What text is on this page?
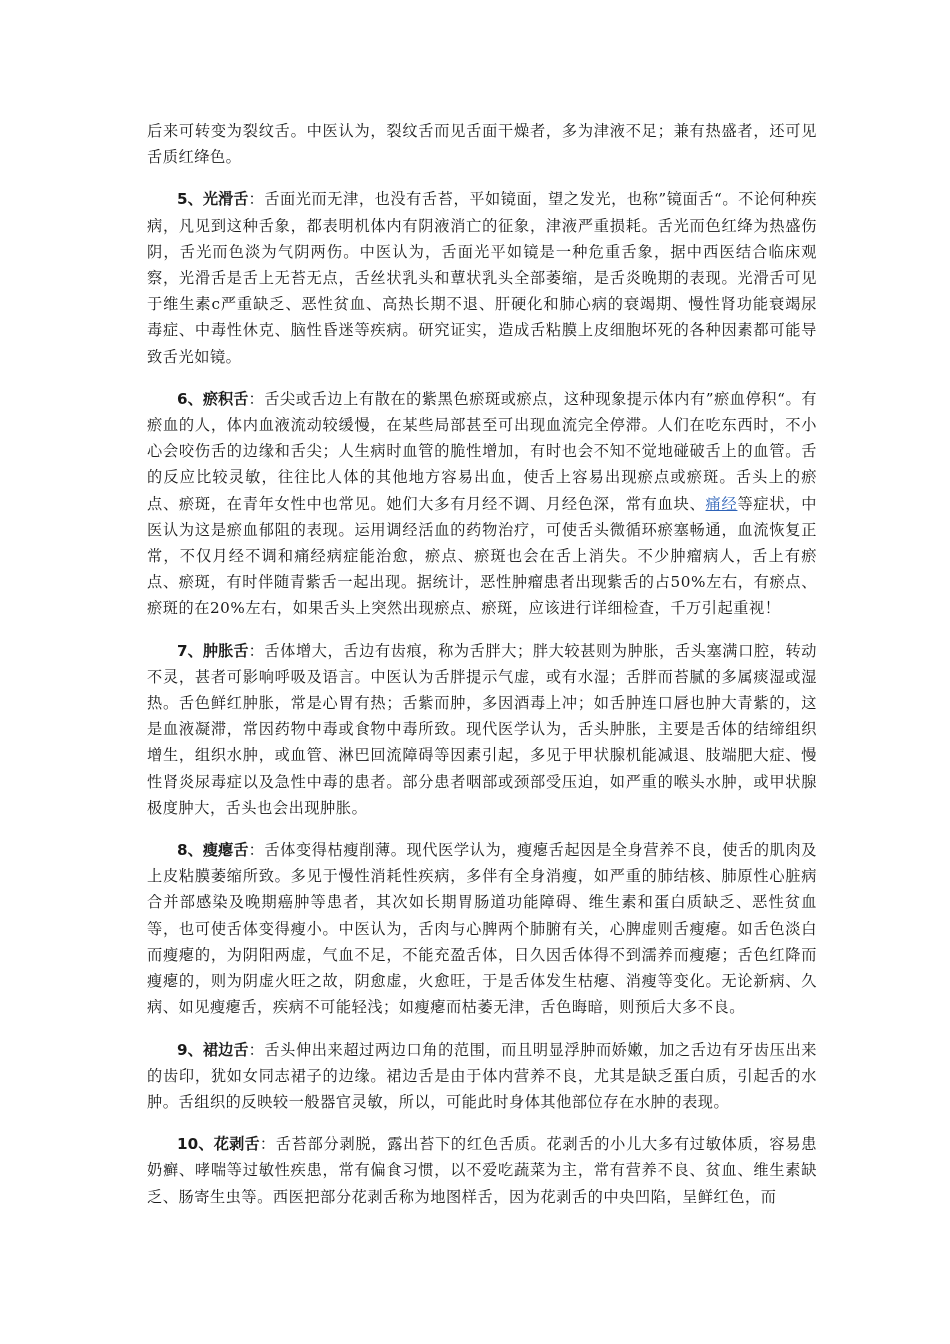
后来可转变为裂纹舌。中医认为，裂纹舌而见舌面干燥者，多为津液不足；兼有热盛者，还可见舌质红绛色。

5、光滑舌：舌面光而无津，也没有舌苔，平如镜面，望之发光，也称”镜面舌“。不论何种疾病，凡见到这种舌象，都表明机体内有阴液消亡的征象，津液严重损耗。舌光而色红绛为热盛伤阴，舌光而色淡为气阴两伤。中医认为，舌面光平如镜是一种危重舌象，据中西医结合临床观察，光滑舌是舌上无苔无点，舌丝状乳头和蕈状乳头全部萎缩，是舌炎晚期的表现。光滑舌可见于维生素c严重缺乏、恶性贫血、高热长期不退、肝硬化和肺心病的衰竭期、慢性肾功能衰竭尿毒症、中毒性休克、脑性昏迷等疾病。研究证实，造成舌粘膜上皮细胞坏死的各种因素都可能导致舌光如镜。

6、瘀积舌：舌尖或舌边上有散在的紫黑色瘀斑或瘀点，这种现象提示体内有”瘀血停积“。有瘀血的人，体内血液流动较缓慢，在某些局部甚至可出现血流完全停滞。人们在吃东西时，不小心会咬伤舌的边缘和舌尖；人生病时血管的脆性增加，有时也会不知不觉地碰破舌上的血管。舌的反应比较灵敏，往往比人体的其他地方容易出血，使舌上容易出现瘀点或瘀斑。舌头上的瘀点、瘀斑，在青年女性中也常见。她们大多有月经不调、月经色深，常有血块、痛经等症状，中医认为这是瘀血郁阻的表现。运用调经活血的药物治疗，可使舌头微循环瘀塞畅通，血流恢复正常，不仅月经不调和痛经病症能治愈，瘀点、瘀斑也会在舌上消失。不少肿瘤病人，舌上有瘀点、瘀斑，有时伴随青紫舌一起出现。据统计，恶性肿瘤患者出现紫舌的占50%左右，有瘀点、瘀斑的在20%左右，如果舌头上突然出现瘀点、瘀斑，应该进行详细检查，千万引起重视！

7、肿胀舌：舌体增大，舌边有齿痕，称为舌胖大；胖大较甚则为肿胀，舌头塞满口腔，转动不灵，甚者可影响呼吸及语言。中医认为舌胖提示气虚，或有水湿；舌胖而苔腻的多属痰湿或湿热。舌色鲜红肿胀，常是心胃有热；舌紫而肿，多因酒毒上冲；如舌肿连口唇也肿大青紫的，这是血液凝滞，常因药物中毒或食物中毒所致。现代医学认为，舌头肿胀，主要是舌体的结缔组织增生，组织水肿，或血管、淋巴回流障碍等因素引起，多见于甲状腺机能减退、肢端肥大症、慢性肾炎尿毒症以及急性中毒的患者。部分患者咽部或颈部受压迫，如严重的喉头水肿，或甲状腺极度肿大，舌头也会出现肿胀。

8、瘦瘪舌：舌体变得枯瘦削薄。现代医学认为，瘦瘪舌起因是全身营养不良，使舌的肌肉及上皮粘膜萎缩所致。多见于慢性消耗性疾病，多伴有全身消瘦，如严重的肺结核、肺原性心脏病合并部感染及晚期癌肿等患者，其次如长期胃肠道功能障碍、维生素和蛋白质缺乏、恶性贫血等，也可使舌体变得瘦小。中医认为，舌肉与心脾两个肺腑有关，心脾虚则舌瘦瘪。如舌色淡白而瘦瘪的，为阴阳两虚，气血不足，不能充盈舌体，日久因舌体得不到濡养而瘦瘪；舌色红降而瘦瘪的，则为阴虚火旺之故，阴愈虚，火愈旺，于是舌体发生枯瘪、消瘦等变化。无论新病、久病、如见瘦瘪舌，疾病不可能轻浅；如瘦瘪而枯萎无津，舌色晦暗，则预后大多不良。

9、裙边舌：舌头伸出来超过两边口角的范围，而且明显浮肿而娇嫩，加之舌边有牙齿压出来的齿印，犹如女同志裙子的边缘。裙边舌是由于体内营养不良，尤其是缺乏蛋白质，引起舌的水肿。舌组织的反映较一般器官灵敏，所以，可能此时身体其他部位存在水肿的表现。

10、花剥舌：舌苔部分剥脱，露出苔下的红色舌质。花剥舌的小儿大多有过敏体质，容易患奶癣、哮喘等过敏性疾患，常有偏食习惯，以不爱吃蔬菜为主，常有营养不良、贫血、维生素缺乏、肠寄生虫等。西医把部分花剥舌称为地图样舌，因为花剥舌的中央凹陷，呈鲜红色，而
